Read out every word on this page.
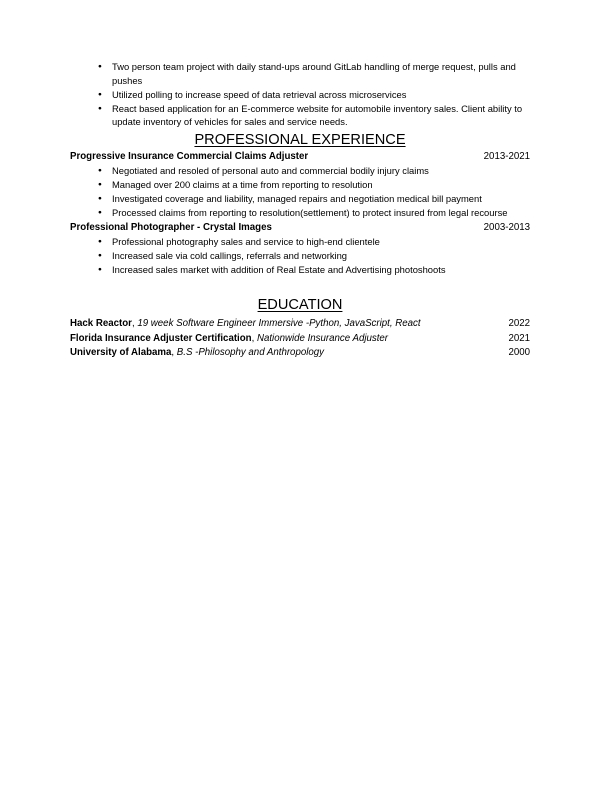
● Two person team project with daily stand-ups around GitLab handling of merge request, pulls and pushes
● Utilized polling to increase speed of data retrieval across microservices
● React based application for an E-commerce website for automobile inventory sales. Client ability to update inventory of vehicles for sales and service needs.
PROFESSIONAL EXPERIENCE
Progressive Insurance Commercial Claims Adjuster	2013-2021
● Negotiated and resoled of personal auto and commercial bodily injury claims
● Managed over 200 claims at a time from reporting to resolution
● Investigated coverage and liability, managed repairs and negotiation medical bill payment
● Processed claims from reporting to resolution(settlement) to protect insured from legal recourse
Professional Photographer - Crystal Images	2003-2013
● Professional photography sales and service to high-end clientele
● Increased sale via cold callings, referrals and networking
● Increased sales market with addition of Real Estate and Advertising photoshoots
EDUCATION
Hack Reactor, 19 week Software Engineer Immersive -Python, JavaScript, React	2022
Florida Insurance Adjuster Certification, Nationwide Insurance Adjuster	2021
University of Alabama, B.S -Philosophy and Anthropology	2000
